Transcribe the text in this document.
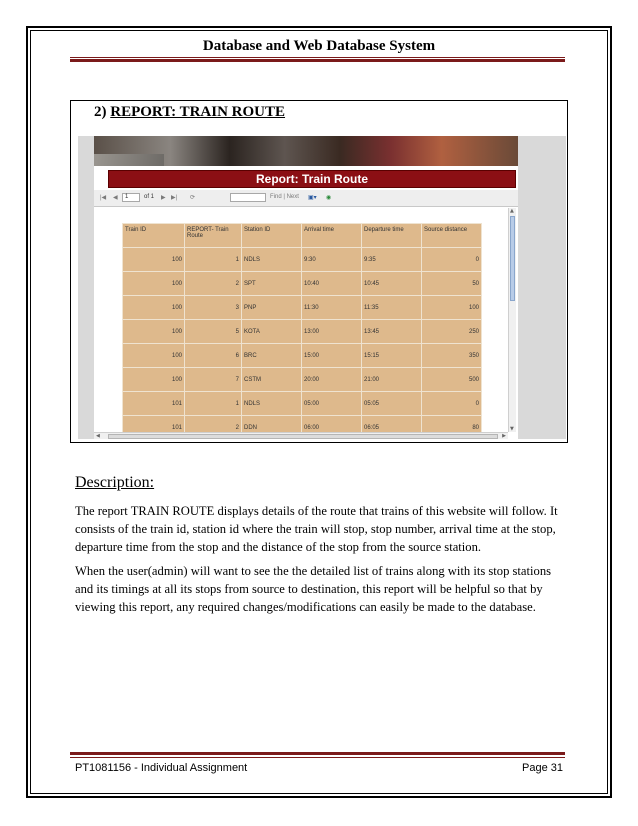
Database and Web Database System
2) REPORT: TRAIN ROUTE
Report: Train Route
|◀ ◀	1	of 1 ▶ ▶| ⟳	Find | Next ▣▾ ◉
Train ID	REPORT- Train Route	Station ID	Arrival time	Departure time	Source distance
100	1	NDLS	9:30	9:35	0
100	2	SPT	10:40	10:45	50
100	3	PNP	11:30	11:35	100
100	5	KOTA	13:00	13:45	250
100	6	BRC	15:00	15:15	350
100	7	CSTM	20:00	21:00	500
101	1	NDLS	05:00	05:05	0
101	2	DDN	06:00	06:05	80
▲
▼
◀	▶
Description:
The report TRAIN ROUTE displays details of the route that trains of this website will follow. It consists of the train id, station id where the train will stop, stop number, arrival time at the stop, departure time from the stop and the distance of the stop from the source station.
When the user(admin) will want to see the the detailed list of trains along with its stop stations and its timings at all its stops from source to destination, this report will be helpful so that by viewing this report, any required changes/modifications can easily be made to the database.
PT1081156 - Individual Assignment	Page 31
